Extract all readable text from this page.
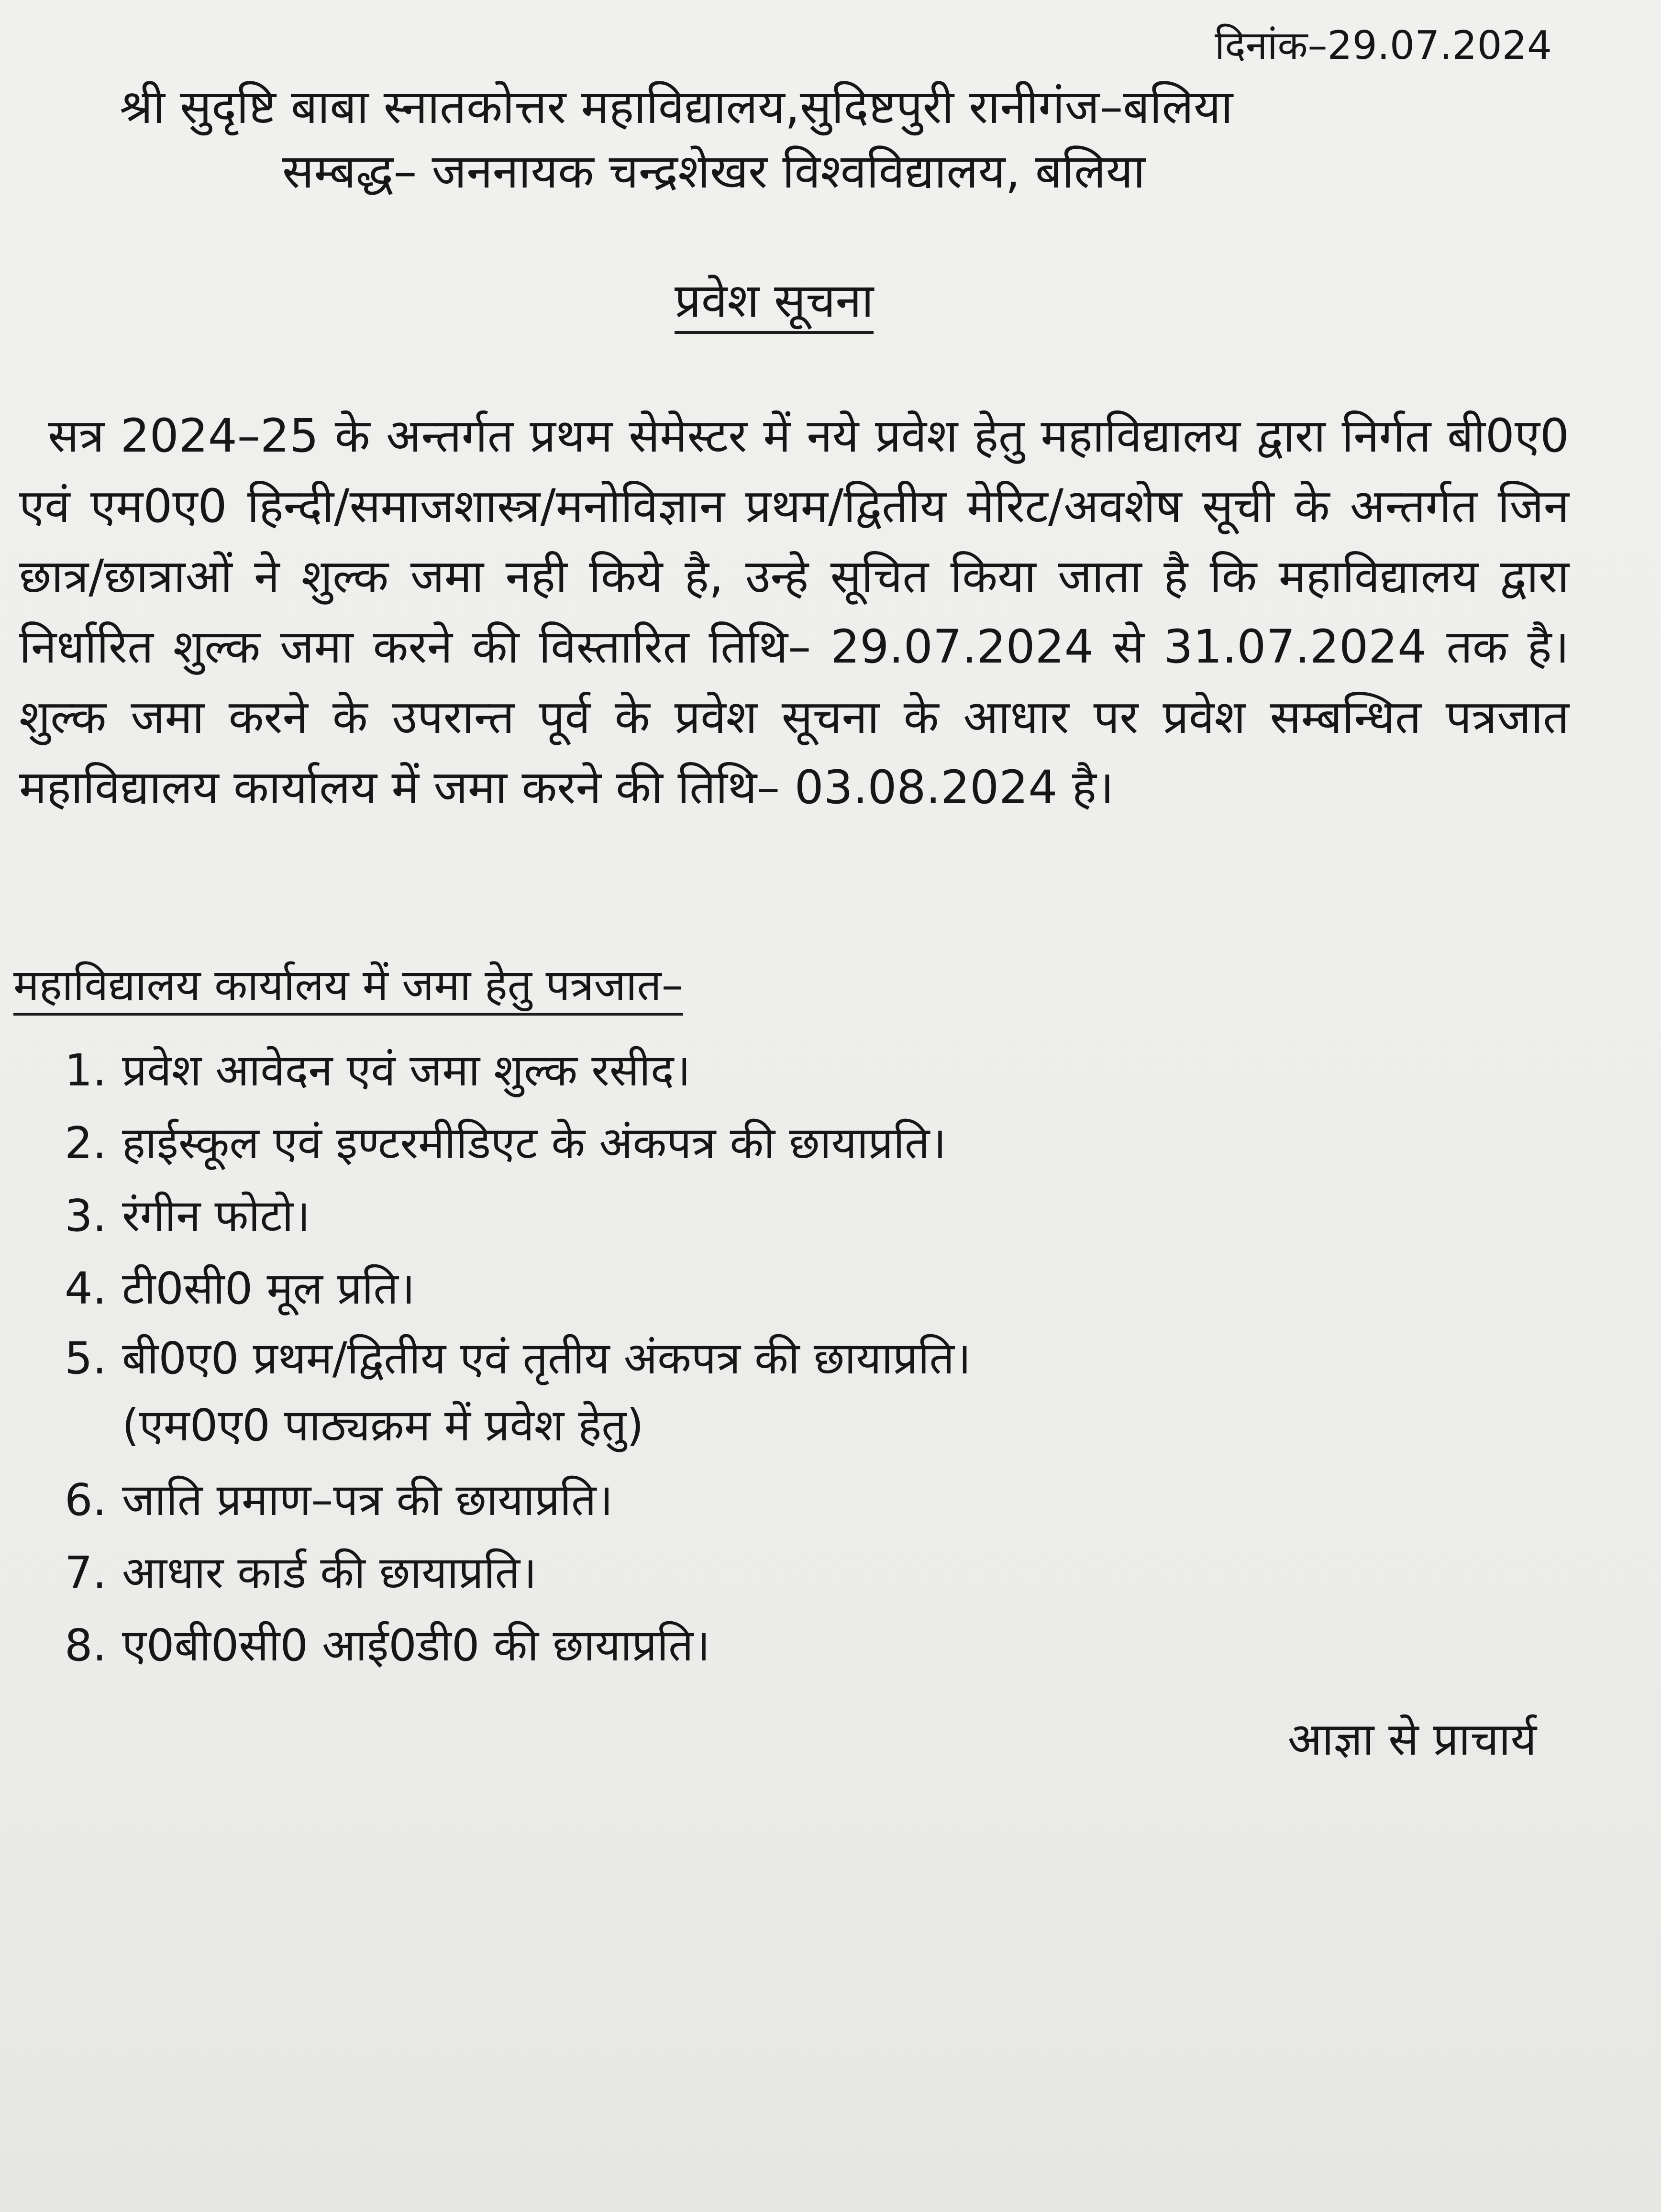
दिनांक–29.07.2024
श्री सुदृष्टि बाबा स्नातकोत्तर महाविद्यालय,सुदिष्टपुरी रानीगंज–बलिया
सम्बद्ध– जननायक चन्द्रशेखर विश्वविद्यालय, बलिया
प्रवेश सूचना

सत्र 2024–25 के अन्तर्गत प्रथम सेमेस्टर में नये प्रवेश हेतु महाविद्यालय द्वारा निर्गत बी0ए0 एवं एम0ए0 हिन्दी/समाजशास्त्र/मनोविज्ञान प्रथम/द्वितीय मेरिट/अवशेष सूची के अन्तर्गत जिन छात्र/छात्राओं ने शुल्क जमा नही किये है, उन्हे सूचित किया जाता है कि महाविद्यालय द्वारा निर्धारित शुल्क जमा करने की विस्तारित तिथि– 29.07.2024 से 31.07.2024 तक है। शुल्क जमा करने के उपरान्त पूर्व के प्रवेश सूचना के आधार पर प्रवेश सम्बन्धित पत्रजात महाविद्यालय कार्यालय में जमा करने की तिथि– 03.08.2024 है।

महाविद्यालय कार्यालय में जमा हेतु पत्रजात–
1. प्रवेश आवेदन एवं जमा शुल्क रसीद।
2. हाईस्कूल एवं इण्टरमीडिएट के अंकपत्र की छायाप्रति।
3. रंगीन फोटो।
4. टी0सी0 मूल प्रति।
5. बी0ए0 प्रथम/द्वितीय एवं तृतीय अंकपत्र की छायाप्रति।
(एम0ए0 पाठ्यक्रम में प्रवेश हेतु)
6. जाति प्रमाण–पत्र की छायाप्रति।
7. आधार कार्ड की छायाप्रति।
8. ए0बी0सी0 आई0डी0 की छायाप्रति।
आज्ञा से प्राचार्य
